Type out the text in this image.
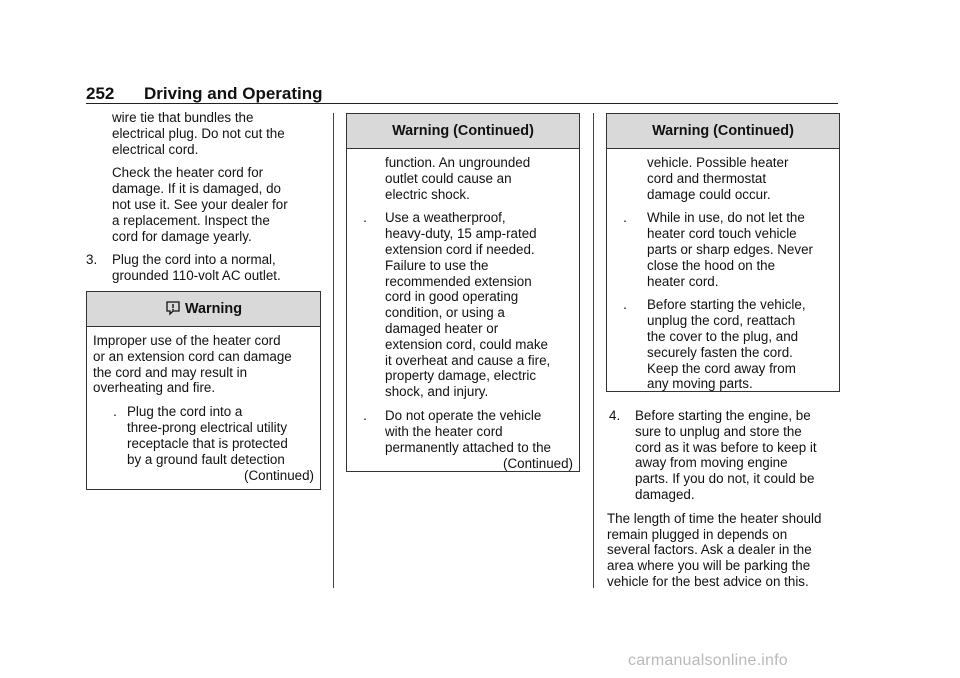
252 Driving and Operating
wire tie that bundles the
electrical plug. Do not cut the
electrical cord.
Check the heater cord for
damage. If it is damaged, do
not use it. See your dealer for
a replacement. Inspect the
cord for damage yearly.
3.	Plug the cord into a normal,
grounded 110-volt AC outlet.
Warning
Improper use of the heater cord
or an extension cord can damage
the cord and may result in
overheating and fire.
. Plug the cord into a
three-prong electrical utility
receptacle that is protected
by a ground fault detection
(Continued)
Warning (Continued)
function. An ungrounded
outlet could cause an
electric shock.
.	Use a weatherproof,
heavy-duty, 15 amp-rated
extension cord if needed.
Failure to use the
recommended extension
cord in good operating
condition, or using a
damaged heater or
extension cord, could make
it overheat and cause a fire,
property damage, electric
shock, and injury.
.	Do not operate the vehicle
with the heater cord
permanently attached to the
(Continued)
Warning (Continued)
vehicle. Possible heater
cord and thermostat
damage could occur.
.	While in use, do not let the
heater cord touch vehicle
parts or sharp edges. Never
close the hood on the
heater cord.
.	Before starting the vehicle,
unplug the cord, reattach
the cover to the plug, and
securely fasten the cord.
Keep the cord away from
any moving parts.
4.	Before starting the engine, be
sure to unplug and store the
cord as it was before to keep it
away from moving engine
parts. If you do not, it could be
damaged.
The length of time the heater should
remain plugged in depends on
several factors. Ask a dealer in the
area where you will be parking the
vehicle for the best advice on this.
carmanualsonline.info
